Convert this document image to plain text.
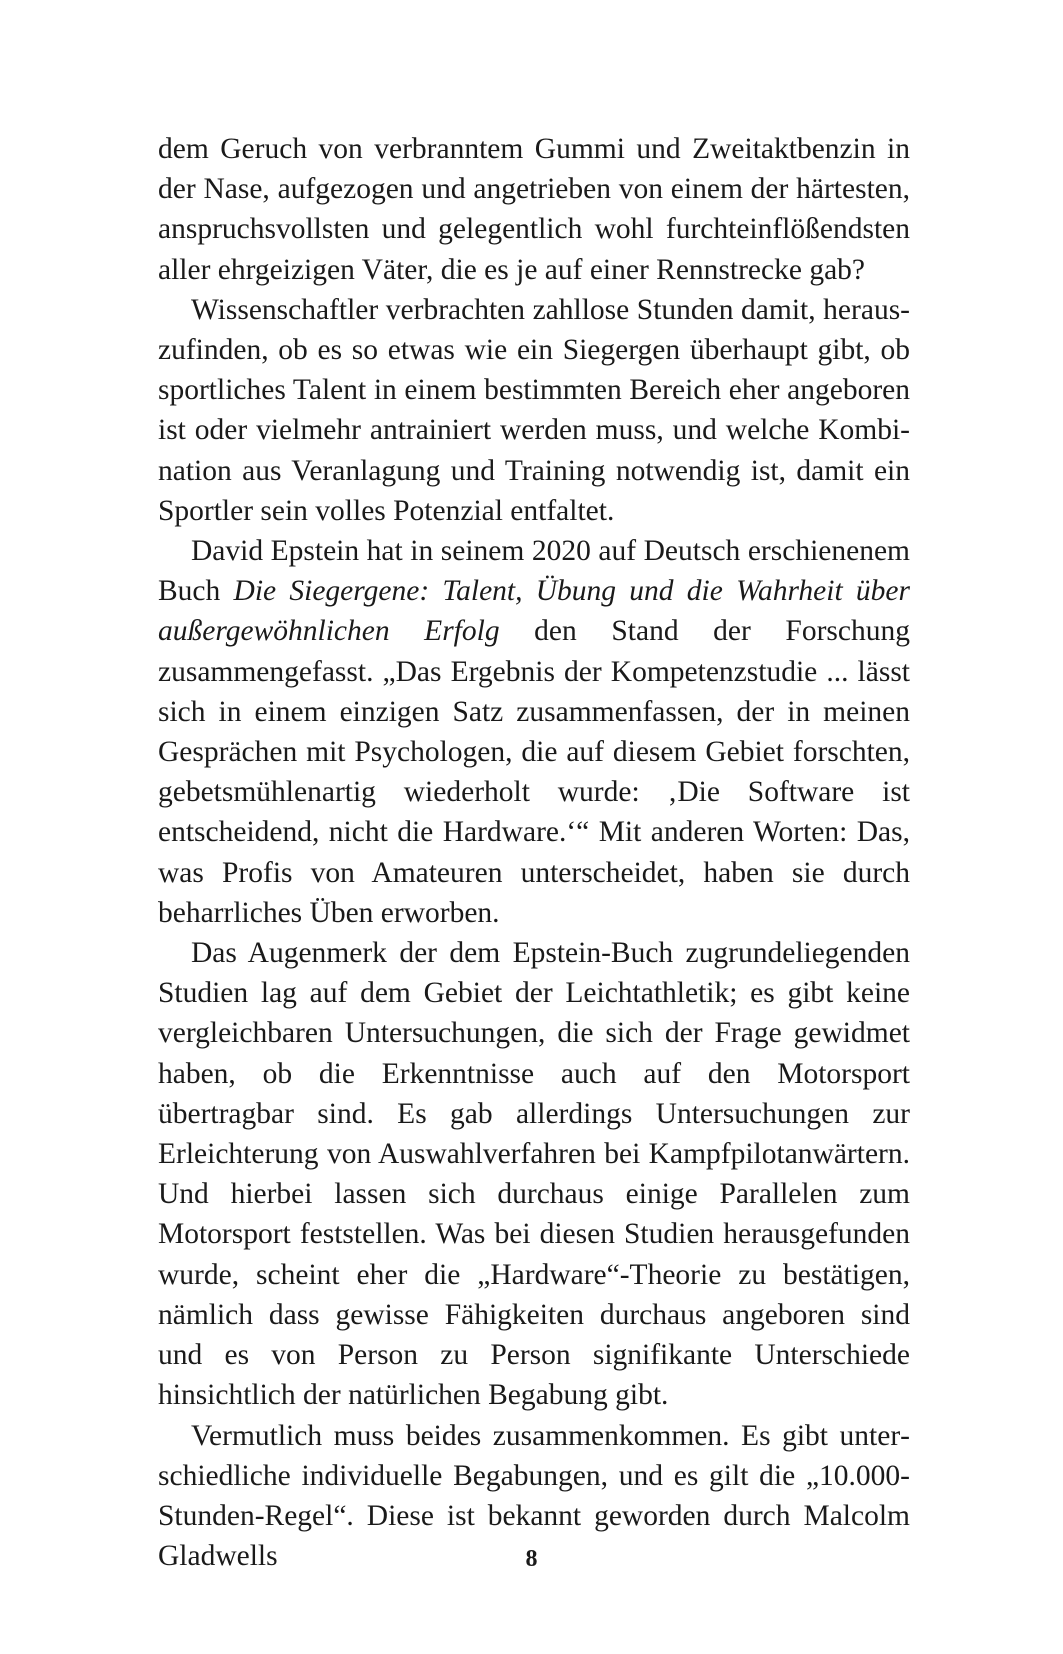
dem Geruch von verbranntem Gummi und Zweitaktbenzin in der Nase, aufgezogen und angetrieben von einem der härtesten, anspruchsvollsten und gelegentlich wohl furchteinflößendsten aller ehrgeizigen Väter, die es je auf einer Rennstrecke gab?

Wissenschaftler verbrachten zahllose Stunden damit, herauszufinden, ob es so etwas wie ein Siegergen überhaupt gibt, ob sportliches Talent in einem bestimmten Bereich eher angeboren ist oder vielmehr antrainiert werden muss, und welche Kombination aus Veranlagung und Training notwendig ist, damit ein Sportler sein volles Potenzial entfaltet.

David Epstein hat in seinem 2020 auf Deutsch erschienenem Buch Die Siegergene: Talent, Übung und die Wahrheit über außergewöhnlichen Erfolg den Stand der Forschung zusammengefasst. „Das Ergebnis der Kompetenzstudie ... lässt sich in einem einzigen Satz zusammenfassen, der in meinen Gesprächen mit Psychologen, die auf diesem Gebiet forschten, gebetsmühlenartig wiederholt wurde: ‚Die Software ist entscheidend, nicht die Hardware.‘“ Mit anderen Worten: Das, was Profis von Amateuren unterscheidet, haben sie durch beharrliches Üben erworben.

Das Augenmerk der dem Epstein-Buch zugrundeliegenden Studien lag auf dem Gebiet der Leichtathletik; es gibt keine vergleichbaren Untersuchungen, die sich der Frage gewidmet haben, ob die Erkenntnisse auch auf den Motorsport übertragbar sind. Es gab allerdings Untersuchungen zur Erleichterung von Auswahlverfahren bei Kampfpilotanwärtern. Und hierbei lassen sich durchaus einige Parallelen zum Motorsport feststellen. Was bei diesen Studien herausgefunden wurde, scheint eher die „Hardware“-Theorie zu bestätigen, nämlich dass gewisse Fähigkeiten durchaus angeboren sind und es von Person zu Person signifikante Unterschiede hinsichtlich der natürlichen Begabung gibt.

Vermutlich muss beides zusammenkommen. Es gibt unterschiedliche individuelle Begabungen, und es gilt die „10.000-Stunden-Regel“. Diese ist bekannt geworden durch Malcolm Gladwells	8
